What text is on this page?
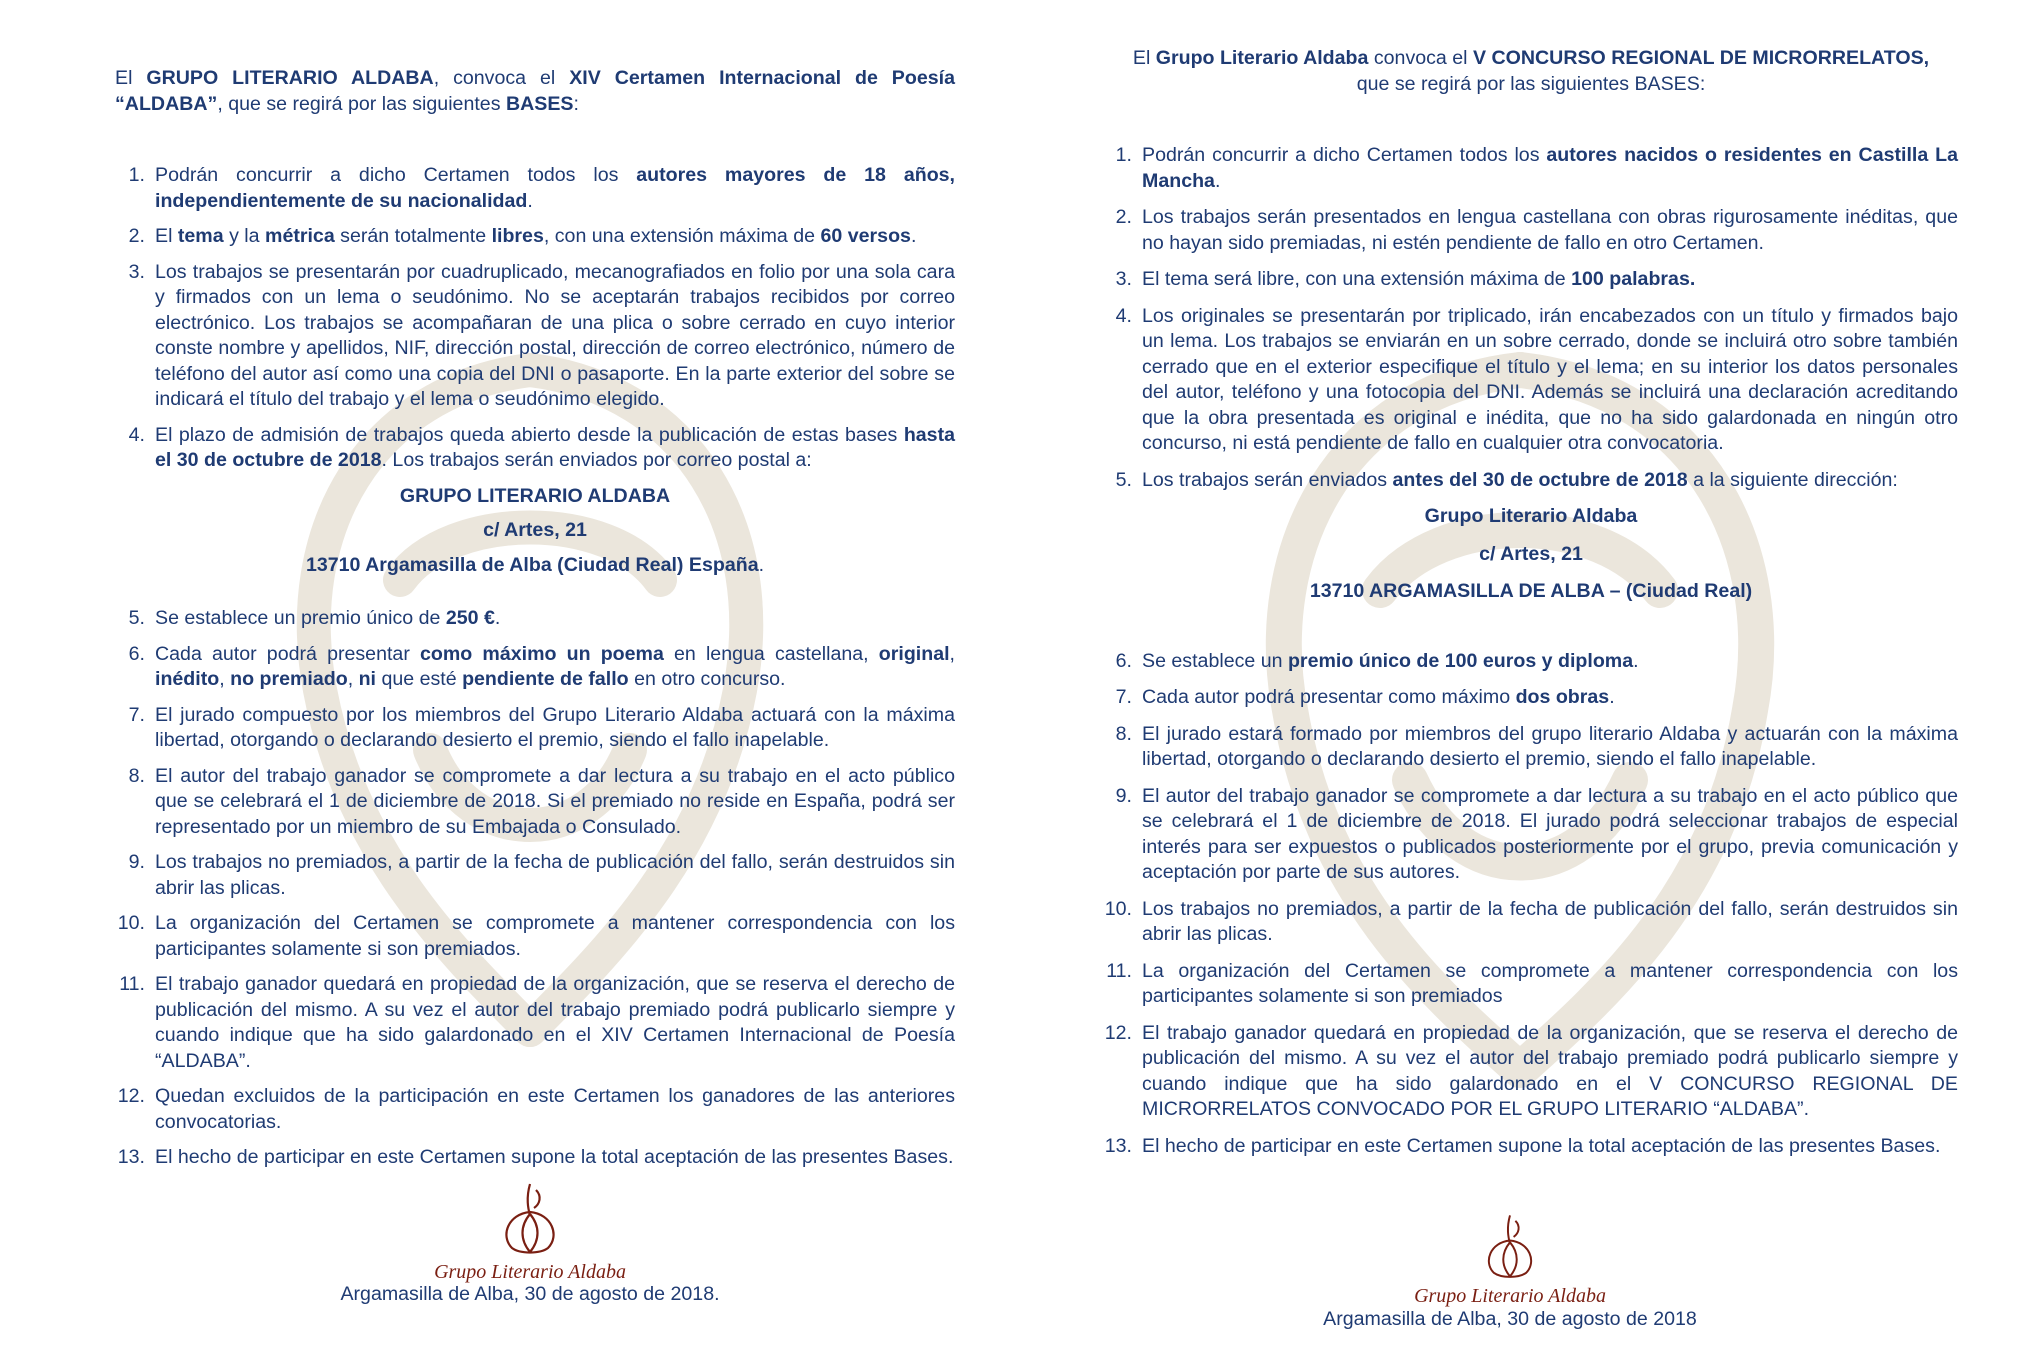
El GRUPO LITERARIO ALDABA, convoca el XIV Certamen Internacional de Poesía “ALDABA”, que se regirá por las siguientes BASES:

1. Podrán concurrir a dicho Certamen todos los autores mayores de 18 años, independientemente de su nacionalidad.
2. El tema y la métrica serán totalmente libres, con una extensión máxima de 60 versos.
3. Los trabajos se presentarán por cuadruplicado, mecanografiados en folio por una sola cara y firmados con un lema o seudónimo. No se aceptarán trabajos recibidos por correo electrónico. Los trabajos se acompañaran de una plica o sobre cerrado en cuyo interior conste nombre y apellidos, NIF, dirección postal, dirección de correo electrónico, número de teléfono del autor así como una copia del DNI o pasaporte. En la parte exterior del sobre se indicará el título del trabajo y el lema o seudónimo elegido.
4. El plazo de admisión de trabajos queda abierto desde la publicación de estas bases hasta el 30 de octubre de 2018. Los trabajos serán enviados por correo postal a:
GRUPO LITERARIO ALDABA
c/ Artes, 21
13710 Argamasilla de Alba (Ciudad Real) España.
5. Se establece un premio único de 250 €.
6. Cada autor podrá presentar como máximo un poema en lengua castellana, original, inédito, no premiado, ni que esté pendiente de fallo en otro concurso.
7. El jurado compuesto por los miembros del Grupo Literario Aldaba actuará con la máxima libertad, otorgando o declarando desierto el premio, siendo el fallo inapelable.
8. El autor del trabajo ganador se compromete a dar lectura a su trabajo en el acto público que se celebrará el 1 de diciembre de 2018. Si el premiado no reside en España, podrá ser representado por un miembro de su Embajada o Consulado.
9. Los trabajos no premiados, a partir de la fecha de publicación del fallo, serán destruidos sin abrir las plicas.
10. La organización del Certamen se compromete a mantener correspondencia con los participantes solamente si son premiados.
11. El trabajo ganador quedará en propiedad de la organización, que se reserva el derecho de publicación del mismo. A su vez el autor del trabajo premiado podrá publicarlo siempre y cuando indique que ha sido galardonado en el XIV Certamen Internacional de Poesía “ALDABA”.
12. Quedan excluidos de la participación en este Certamen los ganadores de las anteriores convocatorias.
13. El hecho de participar en este Certamen supone la total aceptación de las presentes Bases.
Grupo Literario Aldaba
Argamasilla de Alba, 30 de agosto de 2018.

El Grupo Literario Aldaba convoca el V CONCURSO REGIONAL DE MICRORRELATOS,
que se regirá por las siguientes BASES:

1. Podrán concurrir a dicho Certamen todos los autores nacidos o residentes en Castilla La Mancha.
2. Los trabajos serán presentados en lengua castellana con obras rigurosamente inéditas, que no hayan sido premiadas, ni estén pendiente de fallo en otro Certamen.
3. El tema será libre, con una extensión máxima de 100 palabras.
4. Los originales se presentarán por triplicado, irán encabezados con un título y firmados bajo un lema. Los trabajos se enviarán en un sobre cerrado, donde se incluirá otro sobre también cerrado que en el exterior especifique el título y el lema; en su interior los datos personales del autor, teléfono y una fotocopia del DNI. Además se incluirá una declaración acreditando que la obra presentada es original e inédita, que no ha sido galardonada en ningún otro concurso, ni está pendiente de fallo en cualquier otra convocatoria.
5. Los trabajos serán enviados antes del 30 de octubre de 2018 a la siguiente dirección:
Grupo Literario Aldaba
c/ Artes, 21
13710 ARGAMASILLA DE ALBA – (Ciudad Real)
6. Se establece un premio único de 100 euros y diploma.
7. Cada autor podrá presentar como máximo dos obras.
8. El jurado estará formado por miembros del grupo literario Aldaba y actuarán con la máxima libertad, otorgando o declarando desierto el premio, siendo el fallo inapelable.
9. El autor del trabajo ganador se compromete a dar lectura a su trabajo en el acto público que se celebrará el 1 de diciembre de 2018. El jurado podrá seleccionar trabajos de especial interés para ser expuestos o publicados posteriormente por el grupo, previa comunicación y aceptación por parte de sus autores.
10. Los trabajos no premiados, a partir de la fecha de publicación del fallo, serán destruidos sin abrir las plicas.
11. La organización del Certamen se compromete a mantener correspondencia con los participantes solamente si son premiados
12. El trabajo ganador quedará en propiedad de la organización, que se reserva el derecho de publicación del mismo. A su vez el autor del trabajo premiado podrá publicarlo siempre y cuando indique que ha sido galardonado en el V CONCURSO REGIONAL DE MICRORRELATOS CONVOCADO POR EL GRUPO LITERARIO “ALDABA”.
13. El hecho de participar en este Certamen supone la total aceptación de las presentes Bases.
Grupo Literario Aldaba
Argamasilla de Alba, 30 de agosto de 2018
